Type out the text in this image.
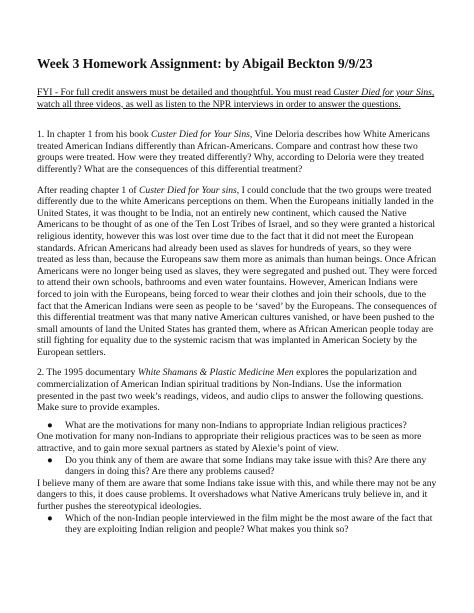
Week 3 Homework Assignment: by Abigail Beckton 9/9/23
FYI - For full credit answers must be detailed and thoughtful. You must read Custer Died for your Sins, watch all three videos, as well as listen to the NPR interviews in order to answer the questions.

1. In chapter 1 from his book Custer Died for Your Sins, Vine Deloria describes how White Americans treated American Indians differently than African-Americans. Compare and contrast how these two groups were treated. How were they treated differently? Why, according to Deloria were they treated differently? What are the consequences of this differential treatment?

After reading chapter 1 of Custer Died for Your sins, I could conclude that the two groups were treated differently due to the white Americans perceptions on them. When the Europeans initially landed in the United States, it was thought to be India, not an entirely new continent, which caused the Native Americans to be thought of as one of the Ten Lost Tribes of Israel, and so they were granted a historical religious identity, however this was lost over time due to the fact that it did not meet the European standards. African Americans had already been used as slaves for hundreds of years, so they were treated as less than, because the Europeans saw them more as animals than human beings. Once African Americans were no longer being used as slaves, they were segregated and pushed out. They were forced to attend their own schools, bathrooms and even water fountains. However, American Indians were forced to join with the Europeans, being forced to wear their clothes and join their schools, due to the fact that the American Indians were seen as people to be ‘saved’ by the Europeans. The consequences of this differential treatment was that many native American cultures vanished, or have been pushed to the small amounts of land the United States has granted them, where as African American people today are still fighting for equality due to the systemic racism that was implanted in American Society by the European settlers.

2. The 1995 documentary White Shamans & Plastic Medicine Men explores the popularization and commercialization of American Indian spiritual traditions by Non-Indians. Use the information presented in the past two week’s readings, videos, and audio clips to answer the following questions. Make sure to provide examples.

● What are the motivations for many non-Indians to appropriate Indian religious practices?
One motivation for many non-Indians to appropriate their religious practices was to be seen as more attractive, and to gain more sexual partners as stated by Alexie’s point of view.
● Do you think any of them are aware that some Indians may take issue with this? Are there any dangers in doing this? Are there any problems caused?
I believe many of them are aware that some Indians take issue with this, and while there may not be any dangers to this, it does cause problems. It overshadows what Native Americans truly believe in, and it further pushes the stereotypical ideologies.
● Which of the non-Indian people interviewed in the film might be the most aware of the fact that they are exploiting Indian religion and people? What makes you think so?
